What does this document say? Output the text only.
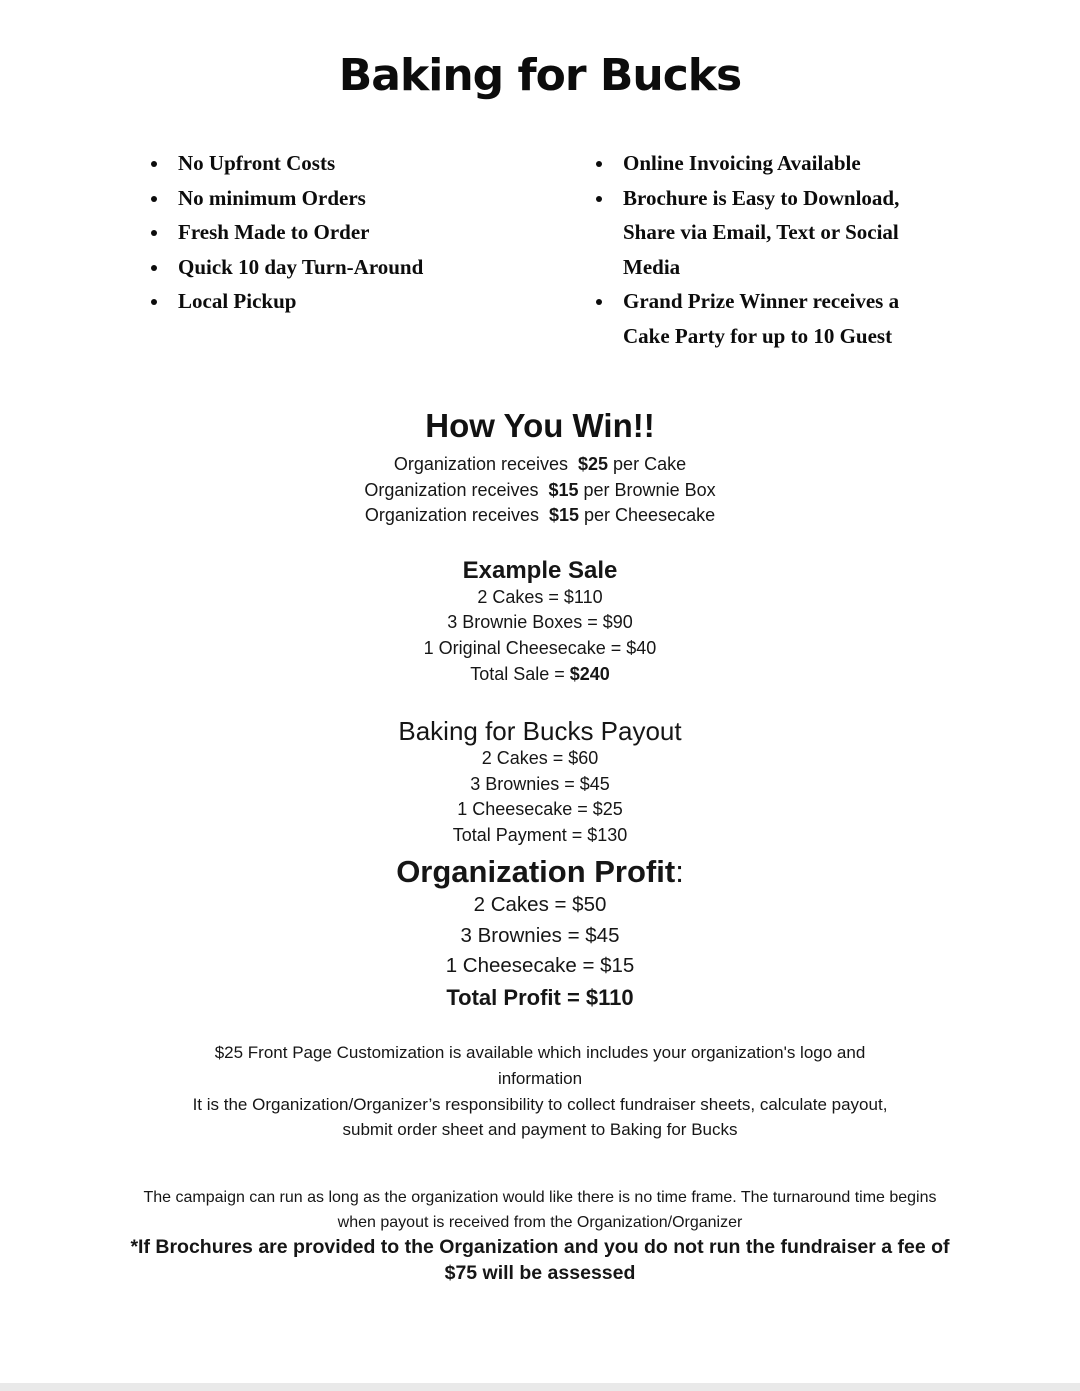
Baking for Bucks
• No Upfront Costs
• No minimum Orders
• Fresh Made to Order
• Quick 10 day Turn-Around
• Local Pickup
• Online Invoicing Available
• Brochure is Easy to Download,
Share via Email, Text or Social
Media
• Grand Prize Winner receives a
Cake Party for up to 10 Guest
How You Win!!
Organization receives $25 per Cake
Organization receives $15 per Brownie Box
Organization receives $15 per Cheesecake
Example Sale
2 Cakes = $110
3 Brownie Boxes = $90
1 Original Cheesecake = $40
Total Sale = $240
Baking for Bucks Payout
2 Cakes = $60
3 Brownies = $45
1 Cheesecake = $25
Total Payment = $130
Organization Profit:
2 Cakes = $50
3 Brownies = $45
1 Cheesecake = $15
Total Profit = $110
$25 Front Page Customization is available which includes your organization's logo and
information
It is the Organization/Organizer’s responsibility to collect fundraiser sheets, calculate payout,
submit order sheet and payment to Baking for Bucks
The campaign can run as long as the organization would like there is no time frame. The turnaround time begins
when payout is received from the Organization/Organizer
*If Brochures are provided to the Organization and you do not run the fundraiser a fee of
$75 will be assessed
